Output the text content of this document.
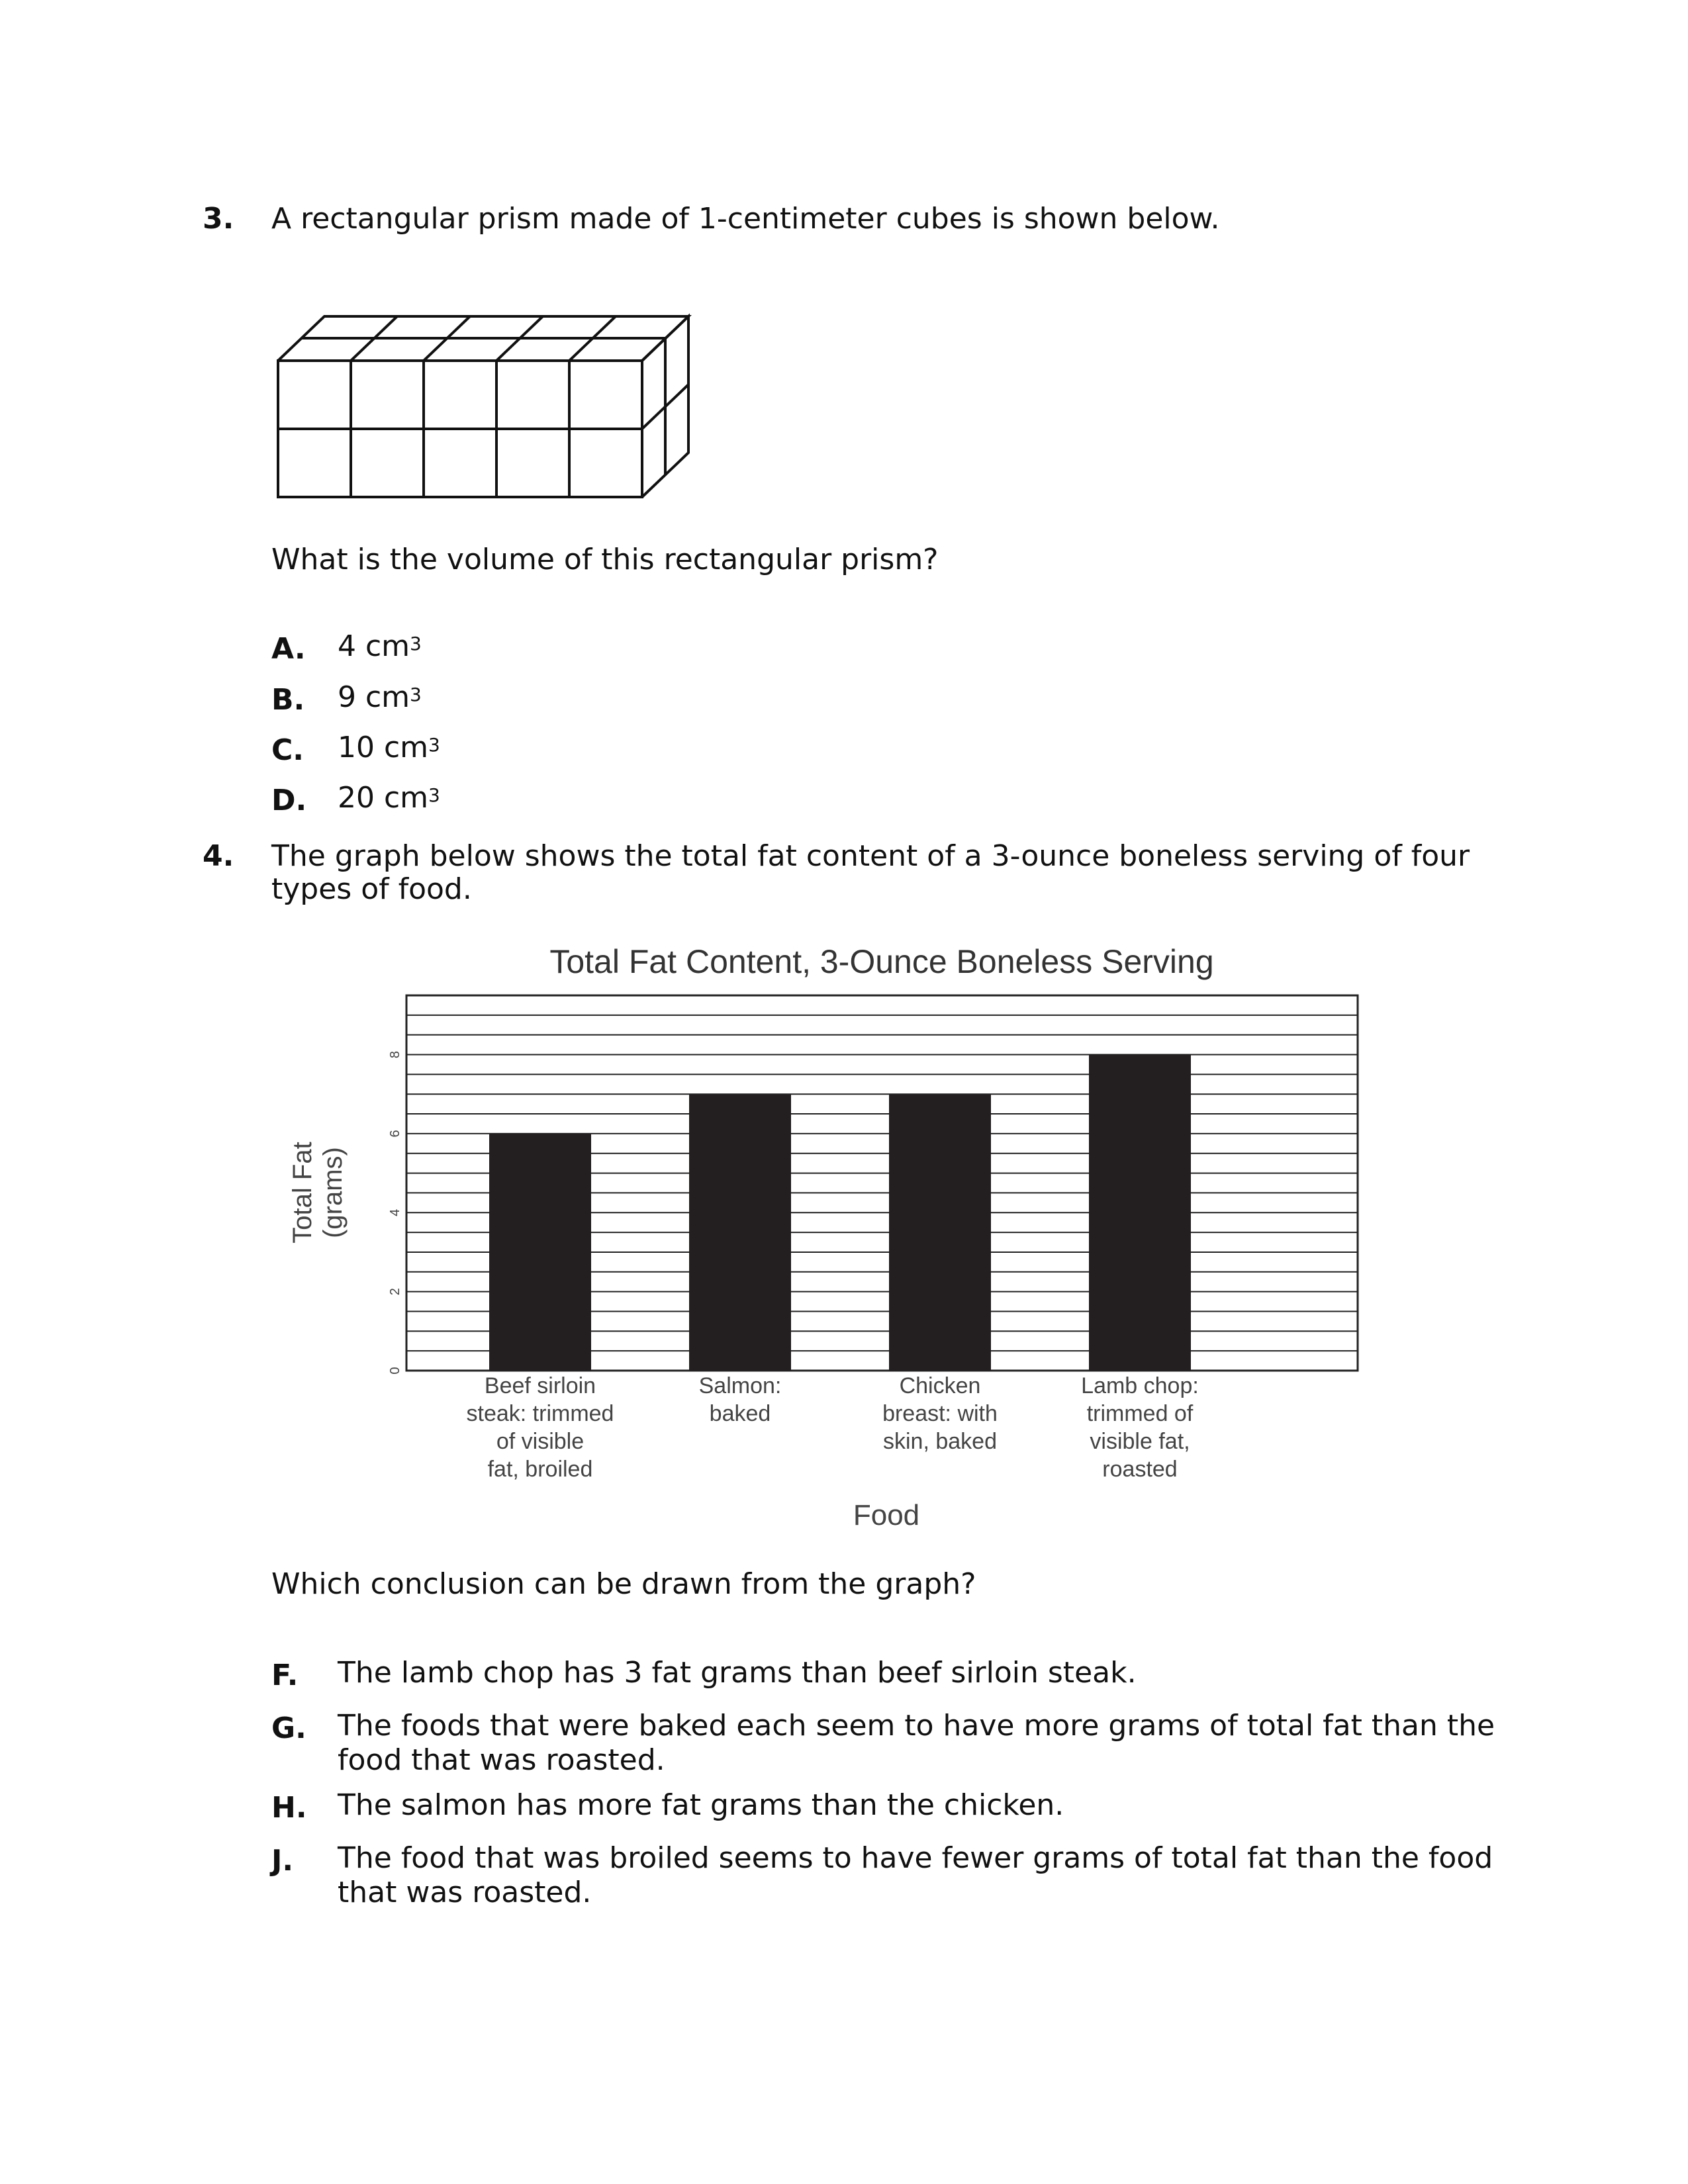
3. A rectangular prism made of 1-centimeter cubes is shown below.
What is the volume of this rectangular prism?
A. 4 $cm^3$
B. 9 $cm^3$
C. 10 $cm^3$
D. 20 $cm^3$
4. The graph below shows the total fat content of a 3-ounce boneless serving of four
types of food.
Total Fat Content, 3-Ounce Boneless Serving
0
2
4
6
8
Beef sirloin steak: trimmed of visible fat, broiled
Salmon: baked
Chicken breast: with skin, baked
Lamb chop: trimmed of visible fat, roasted
Total Fat (grams)
Food
Which conclusion can be drawn from the graph?
F. The lamb chop has 3 fat grams than beef sirloin steak.
G. The foods that were baked each seem to have more grams of total fat than the
food that was roasted.
H. The salmon has more fat grams than the chicken.
J. The food that was broiled seems to have fewer grams of total fat than the food
that was roasted.
